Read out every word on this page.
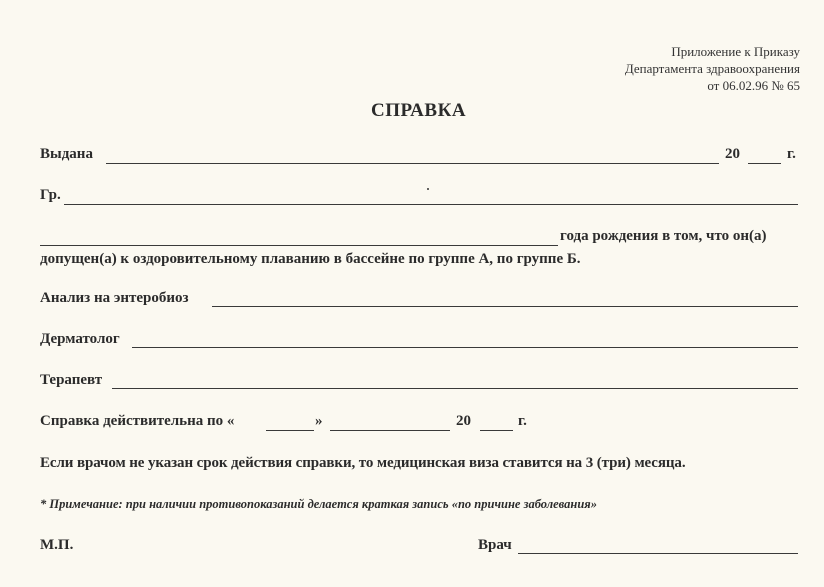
Приложение к Приказу
Департамента здравоохранения
от 06.02.96 № 65
СПРАВКА
Выдана	20	г.
Гр.
года рождения в том, что он(а)
допущен(а) к оздоровительному плаванию в бассейне по группе А, по группе Б.
Анализ на энтеробиоз
Дерматолог
Терапевт
Справка действительна по «	»	20	г.
Если врачом не указан срок действия справки, то медицинская виза ставится на 3 (три) месяца.
* Примечание: при наличии противопоказаний делается краткая запись «по причине заболевания»
М.П.	Врач
